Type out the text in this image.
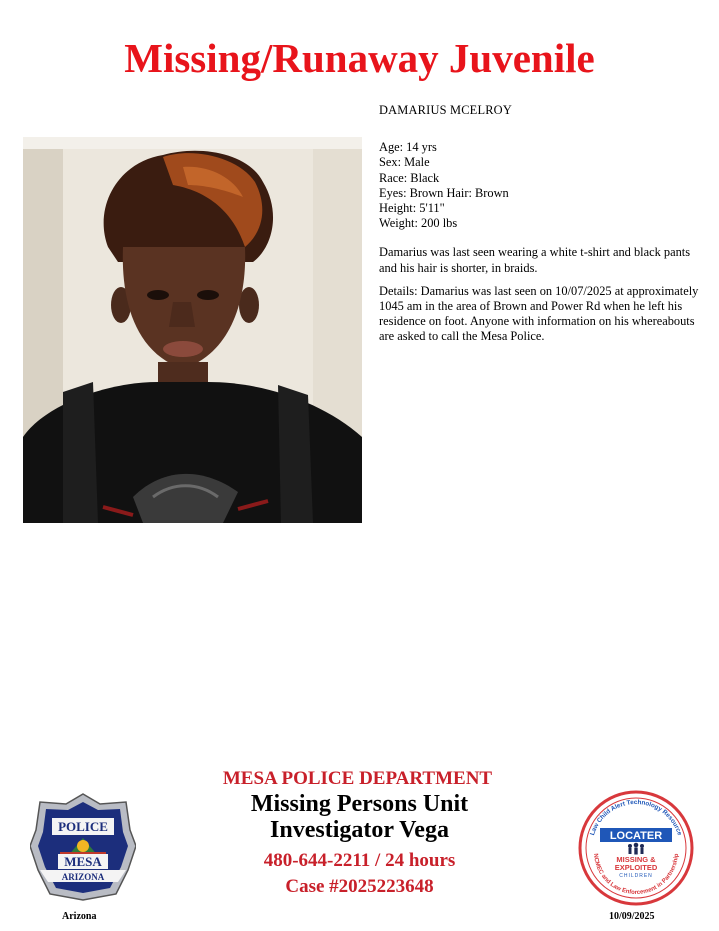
Missing/Runaway Juvenile

DAMARIUS MCELROY

Age: 14 yrs

Sex: Male

Race: Black

Eyes: Brown Hair: Brown

Height: 5'11"

Weight: 200 lbs

Damarius was last seen wearing a white t-shirt and black pants and his hair is shorter, in braids.

Details: Damarius was last seen on 10/07/2025 at approximately 1045 am in the area of Brown and Power Rd when he left his residence on foot. Anyone with information on his whereabouts are asked to call the Mesa Police.

MESA POLICE DEPARTMENT
Missing Persons Unit
Investigator Vega
480-644-2211 / 24 hours
Case #2025223648
POLICE
MESA
ARIZONA
Arizona
Law Child Alert Technology Resource
NCMEC and Law Enforcement in Partnership
LOCATER
MISSING &
EXPLOITED
CHILDREN
10/09/2025
